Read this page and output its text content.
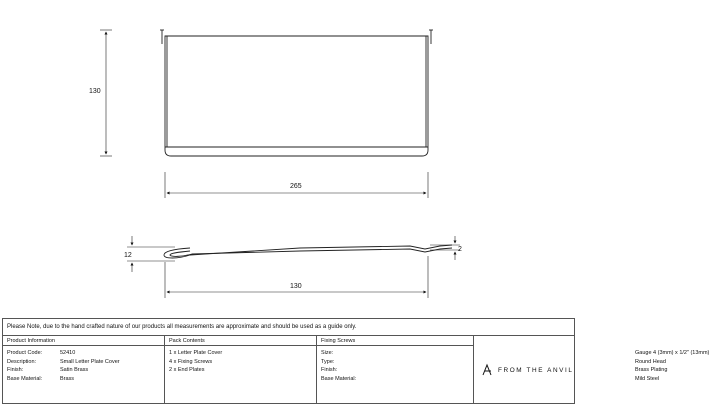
130
265
12
2
130
Please Note, due to the hand crafted nature of our products all measurements are approximate and should be used as a guide only.
Product Information
Product Code:	52410
Description:	Small Letter Plate Cover
Finish:	Satin Brass
Base Material:	Brass
Pack Contents
1 x Letter Plate Cover
4 x Fixing Screws
2 x End Plates
Fixing Screws
Size:	Gauge 4 (3mm) x 1/2" (13mm)
Type:	Round Head
Finish:	Brass Plating
Base Material:	Mild Steel
FROM THE ANVIL
